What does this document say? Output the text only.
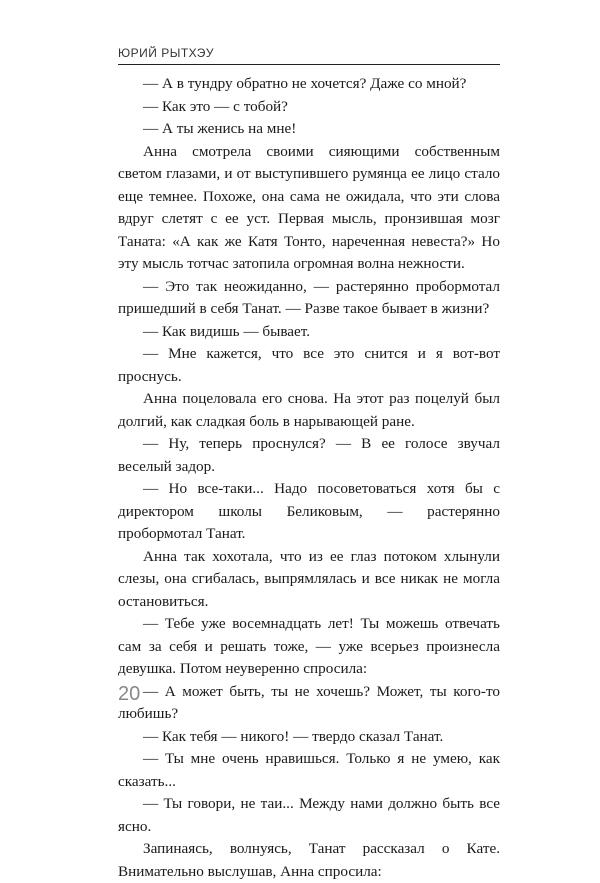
ЮРИЙ РЫТХЭУ

— А в тундру обратно не хочется? Даже со мной?

— Как это — с тобой?

— А ты женись на мне!

Анна смотрела своими сияющими собственным светом глазами, и от выступившего румянца ее лицо стало еще темнее. Похоже, она сама не ожидала, что эти слова вдруг слетят с ее уст. Первая мысль, пронзившая мозг Таната: «А как же Катя Тонто, нареченная невеста?» Но эту мысль тотчас затопила огромная волна нежности.

— Это так неожиданно, — растерянно пробормотал пришедший в себя Танат. — Разве такое бывает в жизни?

— Как видишь — бывает.

— Мне кажется, что все это снится и я вот-вот проснусь.

Анна поцеловала его снова. На этот раз поцелуй был долгий, как сладкая боль в нарывающей ране.

— Ну, теперь проснулся? — В ее голосе звучал веселый задор.

— Но все-таки... Надо посоветоваться хотя бы с директором школы Беликовым, — растерянно пробормотал Танат.

Анна так хохотала, что из ее глаз потоком хлынули слезы, она сгибалась, выпрямлялась и все никак не могла остановиться.

— Тебе уже восемнадцать лет! Ты можешь отвечать сам за себя и решать тоже, — уже всерьез произнесла девушка. Потом неуверенно спросила:

— А может быть, ты не хочешь? Может, ты кого-то любишь?

— Как тебя — никого! — твердо сказал Танат.

— Ты мне очень нравишься. Только я не умею, как сказать...

— Ты говори, не таи... Между нами должно быть все ясно.

Запинаясь, волнуясь, Танат рассказал о Кате. Внимательно выслушав, Анна спросила:

20
